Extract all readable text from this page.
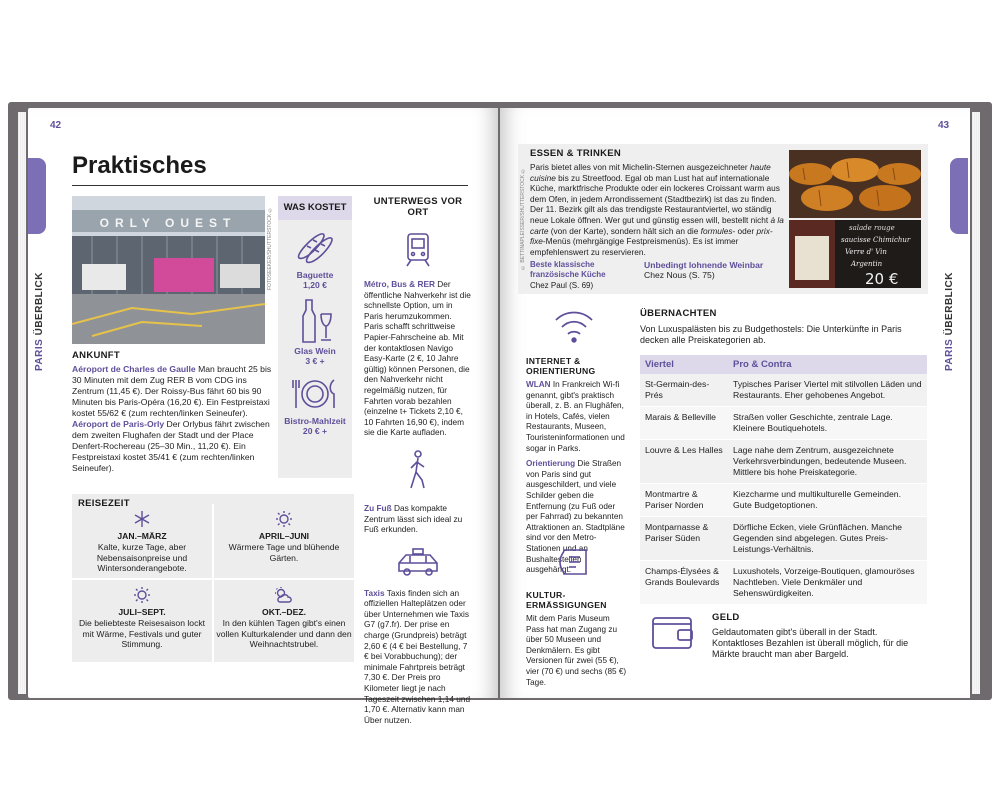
42
PARIS ÜBERBLICK
Praktisches
ORLY OUEST	FOTOSEEKER/SHUTTERSTOCK ©
ANKUNFT

Aéroport de Charles de Gaulle Man braucht 25 bis 30 Minuten mit dem Zug RER B vom CDG ins Zentrum (11,45 €). Der Roissy-Bus fährt 60 bis 90 Minuten bis Paris-Opéra (16,20 €). Ein Festpreistaxi kostet 55/62 € (zum rechten/linken Seineufer).

Aéroport de Paris-Orly Der Orlybus fährt zwischen dem zweiten Flughafen der Stadt und der Place Denfert-Rochereau (25–30 Min., 11,20 €). Ein Festpreistaxi kostet 35/41 € (zum rechten/linken Seineufer).

WAS KOSTET
Baguette
1,20 €
Glas Wein
3 € +
Bistro-Mahlzeit
20 € +
UNTERWEGS VOR ORT

Métro, Bus & RER Der öffentliche Nahverkehr ist die schnellste Option, um in Paris herumzukommen. Paris schafft schrittweise Papier-Fahrscheine ab. Mit der kontaktlosen Navigo Easy-Karte (2 €, 10 Jahre gültig) können Personen, die den Nahverkehr nicht regelmäßig nutzen, für Fahrten vorab bezahlen (einzelne t+ Tickets 2,10 €, 10 Fahrten 16,90 €), indem sie die Karte aufladen.

Zu Fuß Das kompakte Zentrum lässt sich ideal zu Fuß erkunden.

Taxis Taxis finden sich an offiziellen Halteplätzen oder über Unternehmen wie Taxis G7 (g7.fr). Der prise en charge (Grundpreis) beträgt 2,60 € (4 € bei Bestellung, 7 € bei Vorabbuchung); der minimale Fahrtpreis beträgt 7,30 €. Der Preis pro Kilometer liegt je nach Tageszeit zwischen 1,14 und 1,70 €. Alternativ kann man Über nutzen.

REISEZEIT
JAN.–MÄRZ
Kalte, kurze Tage, aber Nebensaisonpreise und Wintersonderangebote.
APRIL–JUNI
Wärmere Tage und blühende Gärten.
JULI–SEPT.
Die beliebteste Reisesaison lockt mit Wärme, Festivals und guter Stimmung.
OKT.–DEZ.
In den kühlen Tagen gibt's einen vollen Kulturkalender und dann den Weihnachtstrubel.
43
PARIS ÜBERBLICK
© BETTINAPLEISSER/SHUTTERSTOCK ©
ESSEN & TRINKEN

Paris bietet alles von mit Michelin-Sternen ausgezeichneter haute cuisine bis zu Streetfood. Egal ob man Lust hat auf internationale Küche, marktfrische Produkte oder ein lockeres Croissant warm aus dem Ofen, in jedem Arrondissement (Stadtbezirk) ist das zu finden. Der 11. Bezirk gilt als das trendigste Restaurantviertel, wo ständig neue Lokale öffnen. Wer gut und günstig essen will, bestellt nicht à la carte (von der Karte), sondern hält sich an die formules- oder prix-fixe-Menüs (mehrgängige Festpreismenüs). Es ist immer empfehlenswert zu reservieren.

Beste klassische französische Küche
Chez Paul (S. 69)
Unbedingt lohnende Weinbar
Chez Nous (S. 75)
salade rouge
saucisse Chimichur
Verre d' Vin
Argentin
20 €
INTERNET & ORIENTIERUNG

WLAN In Frankreich Wi-fi genannt, gibt's praktisch überall, z. B. an Flughäfen, in Hotels, Cafés, vielen Restaurants, Museen, Touristeninformationen und sogar in Parks.

Orientierung Die Straßen von Paris sind gut ausgeschildert, und viele Schilder geben die Entfernung (zu Fuß oder per Fahrrad) zu bekannten Attraktionen an. Stadtpläne sind vor den Metro-Stationen und an Bushaltestellen ausgehängt.

KULTUR-ERMÄSSIGUNGEN

Mit dem Paris Museum Pass hat man Zugang zu über 50 Museen und Denkmälern. Es gibt Versionen für zwei (55 €), vier (70 €) und sechs (85 €) Tage.

ÜBERNACHTEN

Von Luxuspalästen bis zu Budgethostels: Die Unterkünfte in Paris decken alle Preiskategorien ab.

Viertel	Pro & Contra
St-Germain-des-Prés	Typisches Pariser Viertel mit stilvollen Läden und Restaurants. Eher gehobenes Angebot.
Marais & Belleville	Straßen voller Geschichte, zentrale Lage. Kleinere Boutiquehotels.
Louvre & Les Halles	Lage nahe dem Zentrum, ausgezeichnete Verkehrsverbindungen, bedeutende Museen. Mittlere bis hohe Preiskategorie.
Montmartre & Pariser Norden	Kiezcharme und multikulturelle Gemeinden. Gute Budgetoptionen.
Montparnasse & Pariser Süden	Dörfliche Ecken, viele Grünflächen. Manche Gegenden sind abgelegen. Gutes Preis-Leistungs-Verhältnis.
Champs-Élysées & Grands Boulevards	Luxushotels, Vorzeige-Boutiquen, glamouröses Nachtleben. Viele Denkmäler und Sehenswürdigkeiten.
GELD

Geldautomaten gibt's überall in der Stadt. Kontaktloses Bezahlen ist überall möglich, für die Märkte braucht man aber Bargeld.
